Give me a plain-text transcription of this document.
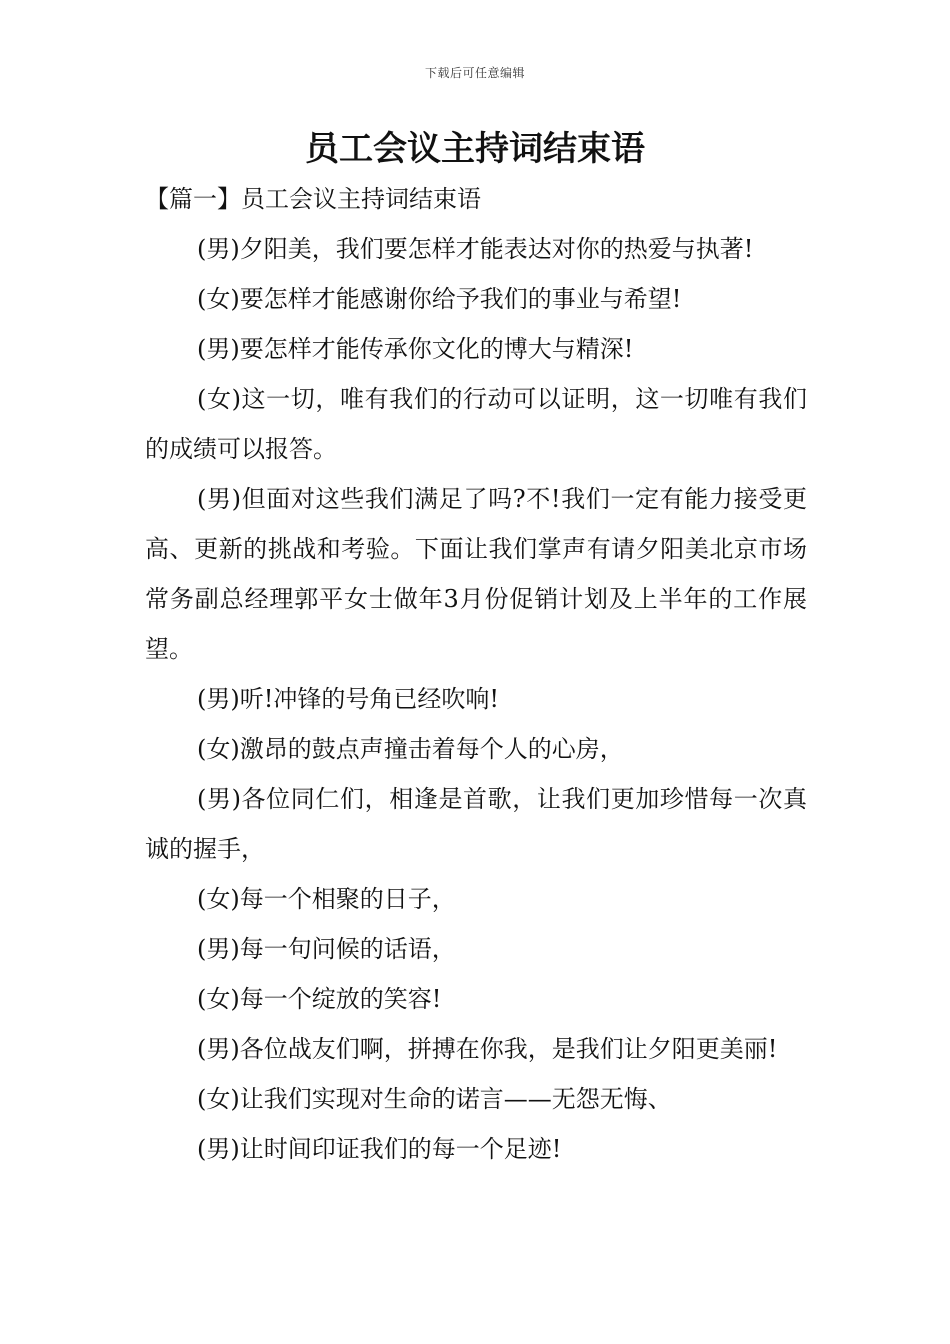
下载后可任意编辑
员工会议主持词结束语

【篇一】员工会议主持词结束语

(男)夕阳美，我们要怎样才能表达对你的热爱与执著!

(女)要怎样才能感谢你给予我们的事业与希望!

(男)要怎样才能传承你文化的博大与精深!

(女)这一切，唯有我们的行动可以证明，这一切唯有我们的成绩可以报答。

(男)但面对这些我们满足了吗?不!我们一定有能力接受更高、更新的挑战和考验。下面让我们掌声有请夕阳美北京市场常务副总经理郭平女士做年3月份促销计划及上半年的工作展望。

(男)听!冲锋的号角已经吹响!

(女)激昂的鼓点声撞击着每个人的心房，

(男)各位同仁们，相逢是首歌，让我们更加珍惜每一次真诚的握手，

(女)每一个相聚的日子，

(男)每一句问候的话语，

(女)每一个绽放的笑容!

(男)各位战友们啊，拼搏在你我，是我们让夕阳更美丽!

(女)让我们实现对生命的诺言——无怨无悔、

(男)让时间印证我们的每一个足迹!
